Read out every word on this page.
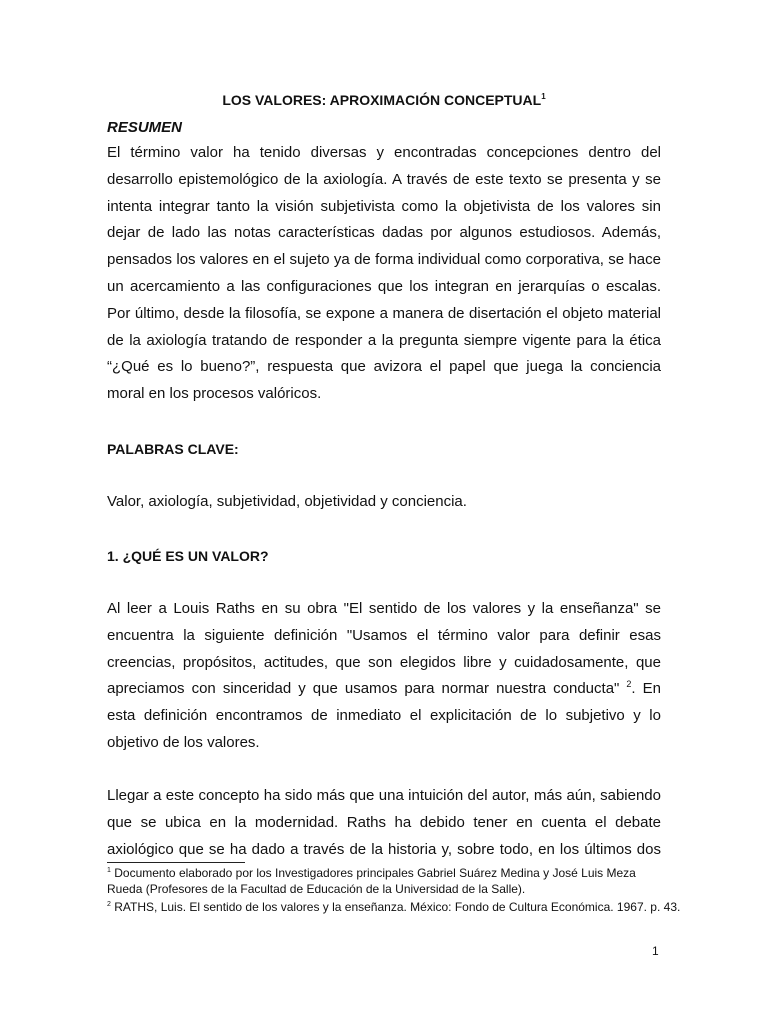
LOS VALORES: APROXIMACIÓN CONCEPTUAL$^1$
RESUMEN

El término valor ha tenido diversas y encontradas concepciones dentro del
desarrollo epistemológico de la axiología. A través de este texto se presenta y se
intenta integrar tanto la visión subjetivista como la objetivista de los valores sin
dejar de lado las notas características dadas por algunos estudiosos. Además,
pensados los valores en el sujeto ya de forma individual como corporativa, se hace
un acercamiento a las configuraciones que los integran en jerarquías o escalas.
Por último, desde la filosofía, se expone a manera de disertación el objeto material
de la axiología tratando de responder a la pregunta siempre vigente para la ética
“¿Qué es lo bueno?”, respuesta que avizora el papel que juega la conciencia
moral en los procesos valóricos.

PALABRAS CLAVE:

Valor, axiología, subjetividad, objetividad y conciencia.

1. ¿QUÉ ES UN VALOR?

Al leer a Louis Raths en su obra "El sentido de los valores y la enseñanza" se
encuentra la siguiente definición "Usamos el término valor para definir esas
creencias, propósitos, actitudes, que son elegidos libre y cuidadosamente, que
apreciamos con sinceridad y que usamos para normar nuestra conducta" $^2$. En
esta definición encontramos de inmediato el explicitación de lo subjetivo y lo
objetivo de los valores.

Llegar a este concepto ha sido más que una intuición del autor, más aún, sabiendo
que se ubica en la modernidad. Raths ha debido tener en cuenta el debate
axiológico que se ha dado a través de la historia y, sobre todo, en los últimos dos

$^1$ Documento elaborado por los Investigadores principales Gabriel Suárez Medina y José Luis Meza
Rueda (Profesores de la Facultad de Educación de la Universidad de la Salle).

$^2$ RATHS, Luis. El sentido de los valores y la enseñanza. México: Fondo de Cultura Económica. 1967. p. 43.

1
